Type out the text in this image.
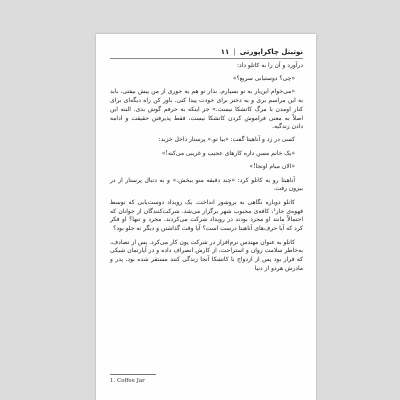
نوتبنل چاکراپورتی
|
۱۱

درآورد و آن را به کاتلو داد:

«چی؟ دوستیابی سریع؟»

«می‌خوام این‌بار به تو بسپارم. بذار تو هم یه جوری از من پیش بیفتی. باید به این مراسم بری و یه دختر برای خودت پیدا کنی. باور کن راه دیگه‌ای برای کنار اومدن با مرگ کاتشکا نیست.» جز اینکه به حرفم گوش بدی. البته این اصلاً به معنی فراموش کردن کاتشکا نیست، فقط پذیرفتن حقیقت و ادامه دادن زندگیه.

کسی در زد و آناهیتا گفت: «بیا تو.» پرستار داخل خزید:

«یک خانم مسن داره کارهای عجیب و غریبی می‌کنه!»

«الان میام اونجا!»

آناهیتا رو به کاتلو کرد: «چند دقیقه منو ببخش.» و به دنبال پرستار از در بیرون رفت.

کاتلو دوباره نگاهی به بروشور انداخت. یک رویداد دوست‌یابی که توسط قهوه‌ی جار¹، کافه‌ی محبوب شهر برگزار می‌شد. شرکت‌کنندگان از جوانان که احتمالاً مانند او مجرد بودند در رویداد شرکت می‌کردند. مجرد و تنها؟ او فکر کرد که آیا حرف‌های آناهیتا درست است؟ آیا وقت گذاشتن و دیگر نه جلو بود؟

کاتلو به عنوان مهندس نرم‌افزار در شرکت پون کار می‌کرد. پس از تصادف، به‌خاطر سلامت روان و استراحت، از کارش انصراف داده و در آپارتمان شیکی که قرار بود پس از ازدواج با کاتشکا آنجا زندگی کنند مستقر شده بود. پدر و مادرش هردو از دنیا

1. Coffee Jar
